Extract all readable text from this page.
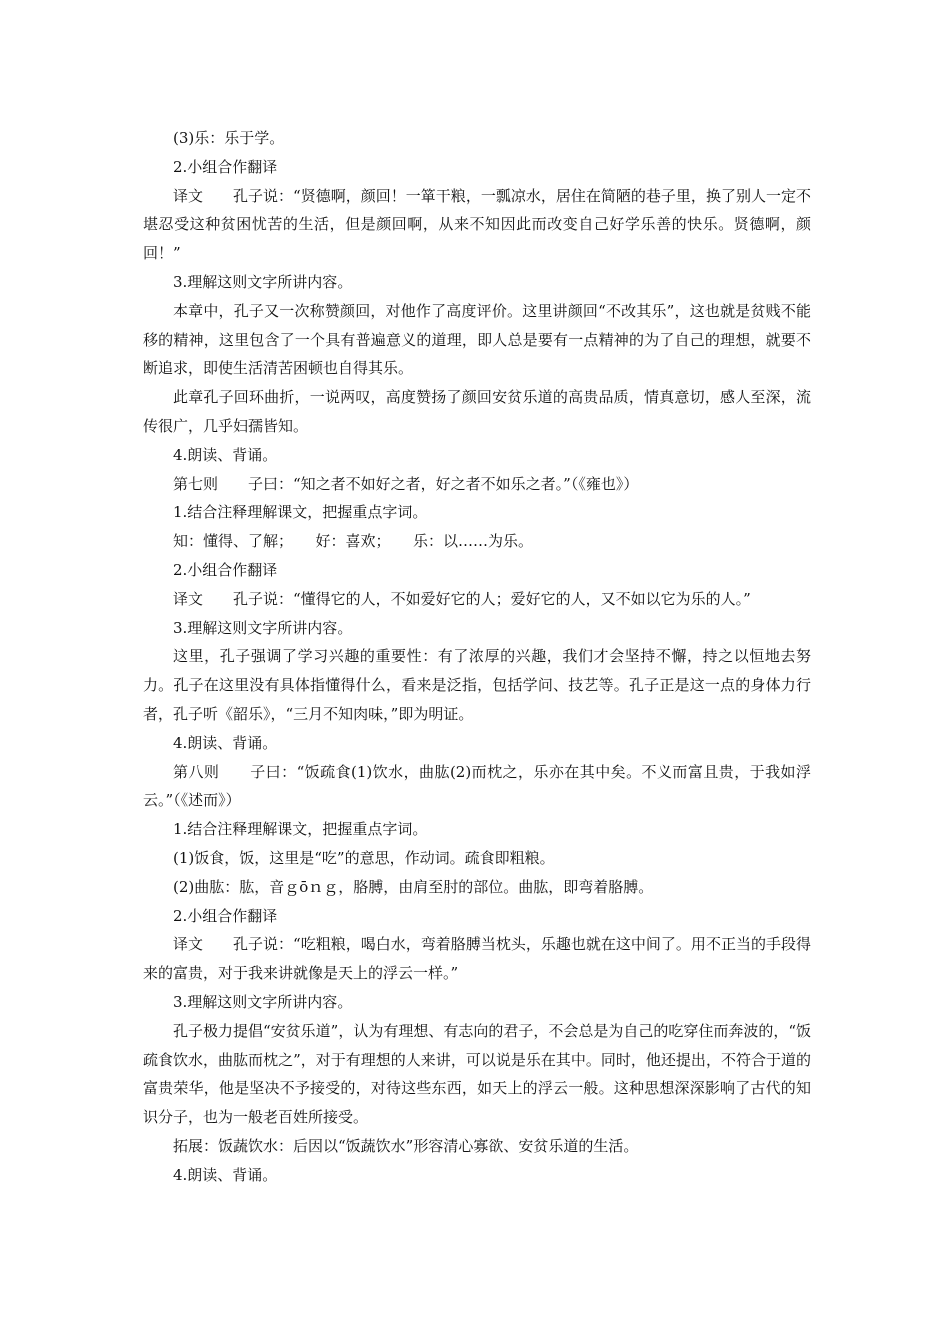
(3)乐：乐于学。

2.小组合作翻译

译文　　孔子说：“贤德啊，颜回！一箪干粮，一瓢凉水，居住在简陋的巷子里，换了别人一定不堪忍受这种贫困忧苦的生活，但是颜回啊，从来不知因此而改变自己好学乐善的快乐。贤德啊，颜回！”

3.理解这则文字所讲内容。

本章中，孔子又一次称赞颜回，对他作了高度评价。这里讲颜回“不改其乐”，这也就是贫贱不能移的精神，这里包含了一个具有普遍意义的道理，即人总是要有一点精神的为了自己的理想，就要不断追求，即使生活清苦困顿也自得其乐。

此章孔子回环曲折，一说两叹，高度赞扬了颜回安贫乐道的高贵品质，情真意切，感人至深，流传很广，几乎妇孺皆知。

4.朗读、背诵。

第七则　　子曰：“知之者不如好之者，好之者不如乐之者。”（《雍也》）

1.结合注释理解课文，把握重点字词。

知：懂得、了解；　　好：喜欢；　　乐：以……为乐。

2.小组合作翻译

译文　　孔子说：“懂得它的人，不如爱好它的人；爱好它的人，又不如以它为乐的人。”

3.理解这则文字所讲内容。

这里，孔子强调了学习兴趣的重要性：有了浓厚的兴趣，我们才会坚持不懈，持之以恒地去努力。孔子在这里没有具体指懂得什么，看来是泛指，包括学问、技艺等。孔子正是这一点的身体力行者，孔子听《韶乐》，“三月不知肉味，”即为明证。

4.朗读、背诵。

第八则　　子曰：“饭疏食(1)饮水，曲肱(2)而枕之，乐亦在其中矣。不义而富且贵，于我如浮云。”（《述而》）

1.结合注释理解课文，把握重点字词。

(1)饭食，饭，这里是“吃”的意思，作动词。疏食即粗粮。

(2)曲肱：肱，音ｇōｎｇ，胳膊，由肩至肘的部位。曲肱，即弯着胳膊。

2.小组合作翻译

译文　　孔子说：“吃粗粮，喝白水，弯着胳膊当枕头，乐趣也就在这中间了。用不正当的手段得来的富贵，对于我来讲就像是天上的浮云一样。”

3.理解这则文字所讲内容。

孔子极力提倡“安贫乐道”，认为有理想、有志向的君子，不会总是为自己的吃穿住而奔波的，“饭疏食饮水，曲肱而枕之”，对于有理想的人来讲，可以说是乐在其中。同时，他还提出，不符合于道的富贵荣华，他是坚决不予接受的，对待这些东西，如天上的浮云一般。这种思想深深影响了古代的知识分子，也为一般老百姓所接受。

拓展：饭蔬饮水：后因以“饭蔬饮水”形容清心寡欲、安贫乐道的生活。

4.朗读、背诵。
